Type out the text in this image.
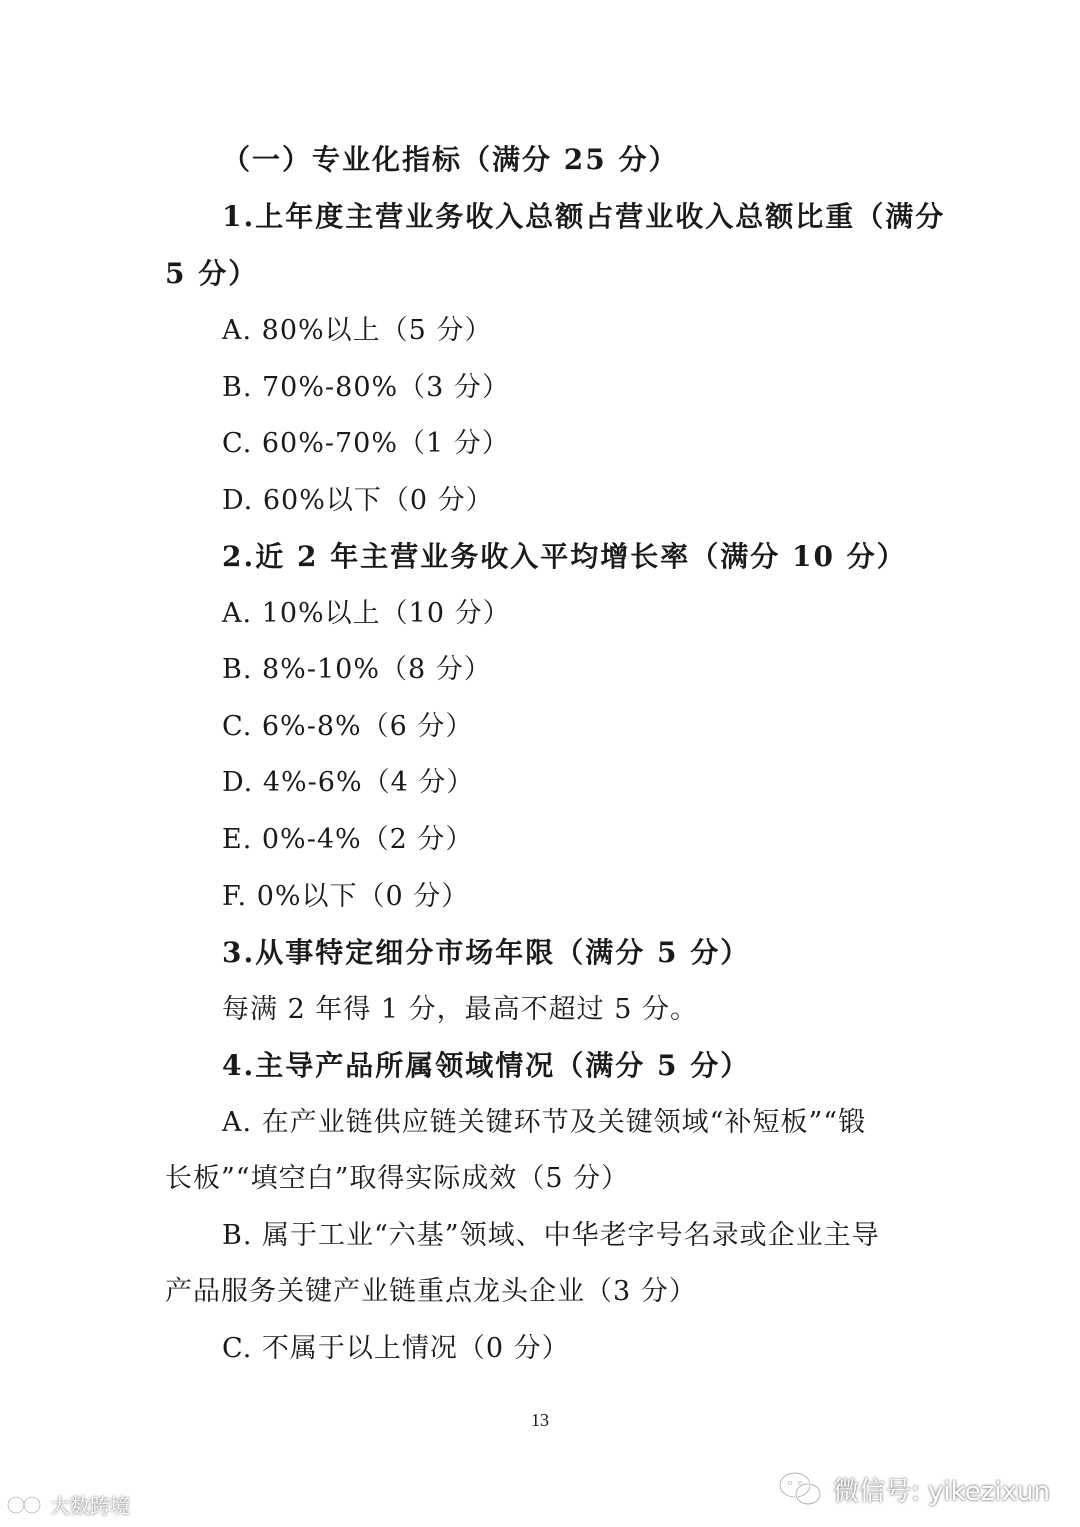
（一）专业化指标（满分 25 分）
1.上年度主营业务收入总额占营业收入总额比重（满分
5 分）
A. 80%以上（5 分）
B. 70%-80%（3 分）
C. 60%-70%（1 分）
D. 60%以下（0 分）
2.近 2 年主营业务收入平均增长率（满分 10 分）
A. 10%以上（10 分）
B. 8%-10%（8 分）
C. 6%-8%（6 分）
D. 4%-6%（4 分）
E. 0%-4%（2 分）
F. 0%以下（0 分）
3.从事特定细分市场年限（满分 5 分）
每满 2 年得 1 分，最高不超过 5 分。
4.主导产品所属领域情况（满分 5 分）
A. 在产业链供应链关键环节及关键领域“补短板”“锻
长板”“填空白”取得实际成效（5 分）
B. 属于工业“六基”领域、中华老字号名录或企业主导
产品服务关键产业链重点龙头企业（3 分）
C. 不属于以上情况（0 分）
13
大数跨境	微信号: yikezixun
